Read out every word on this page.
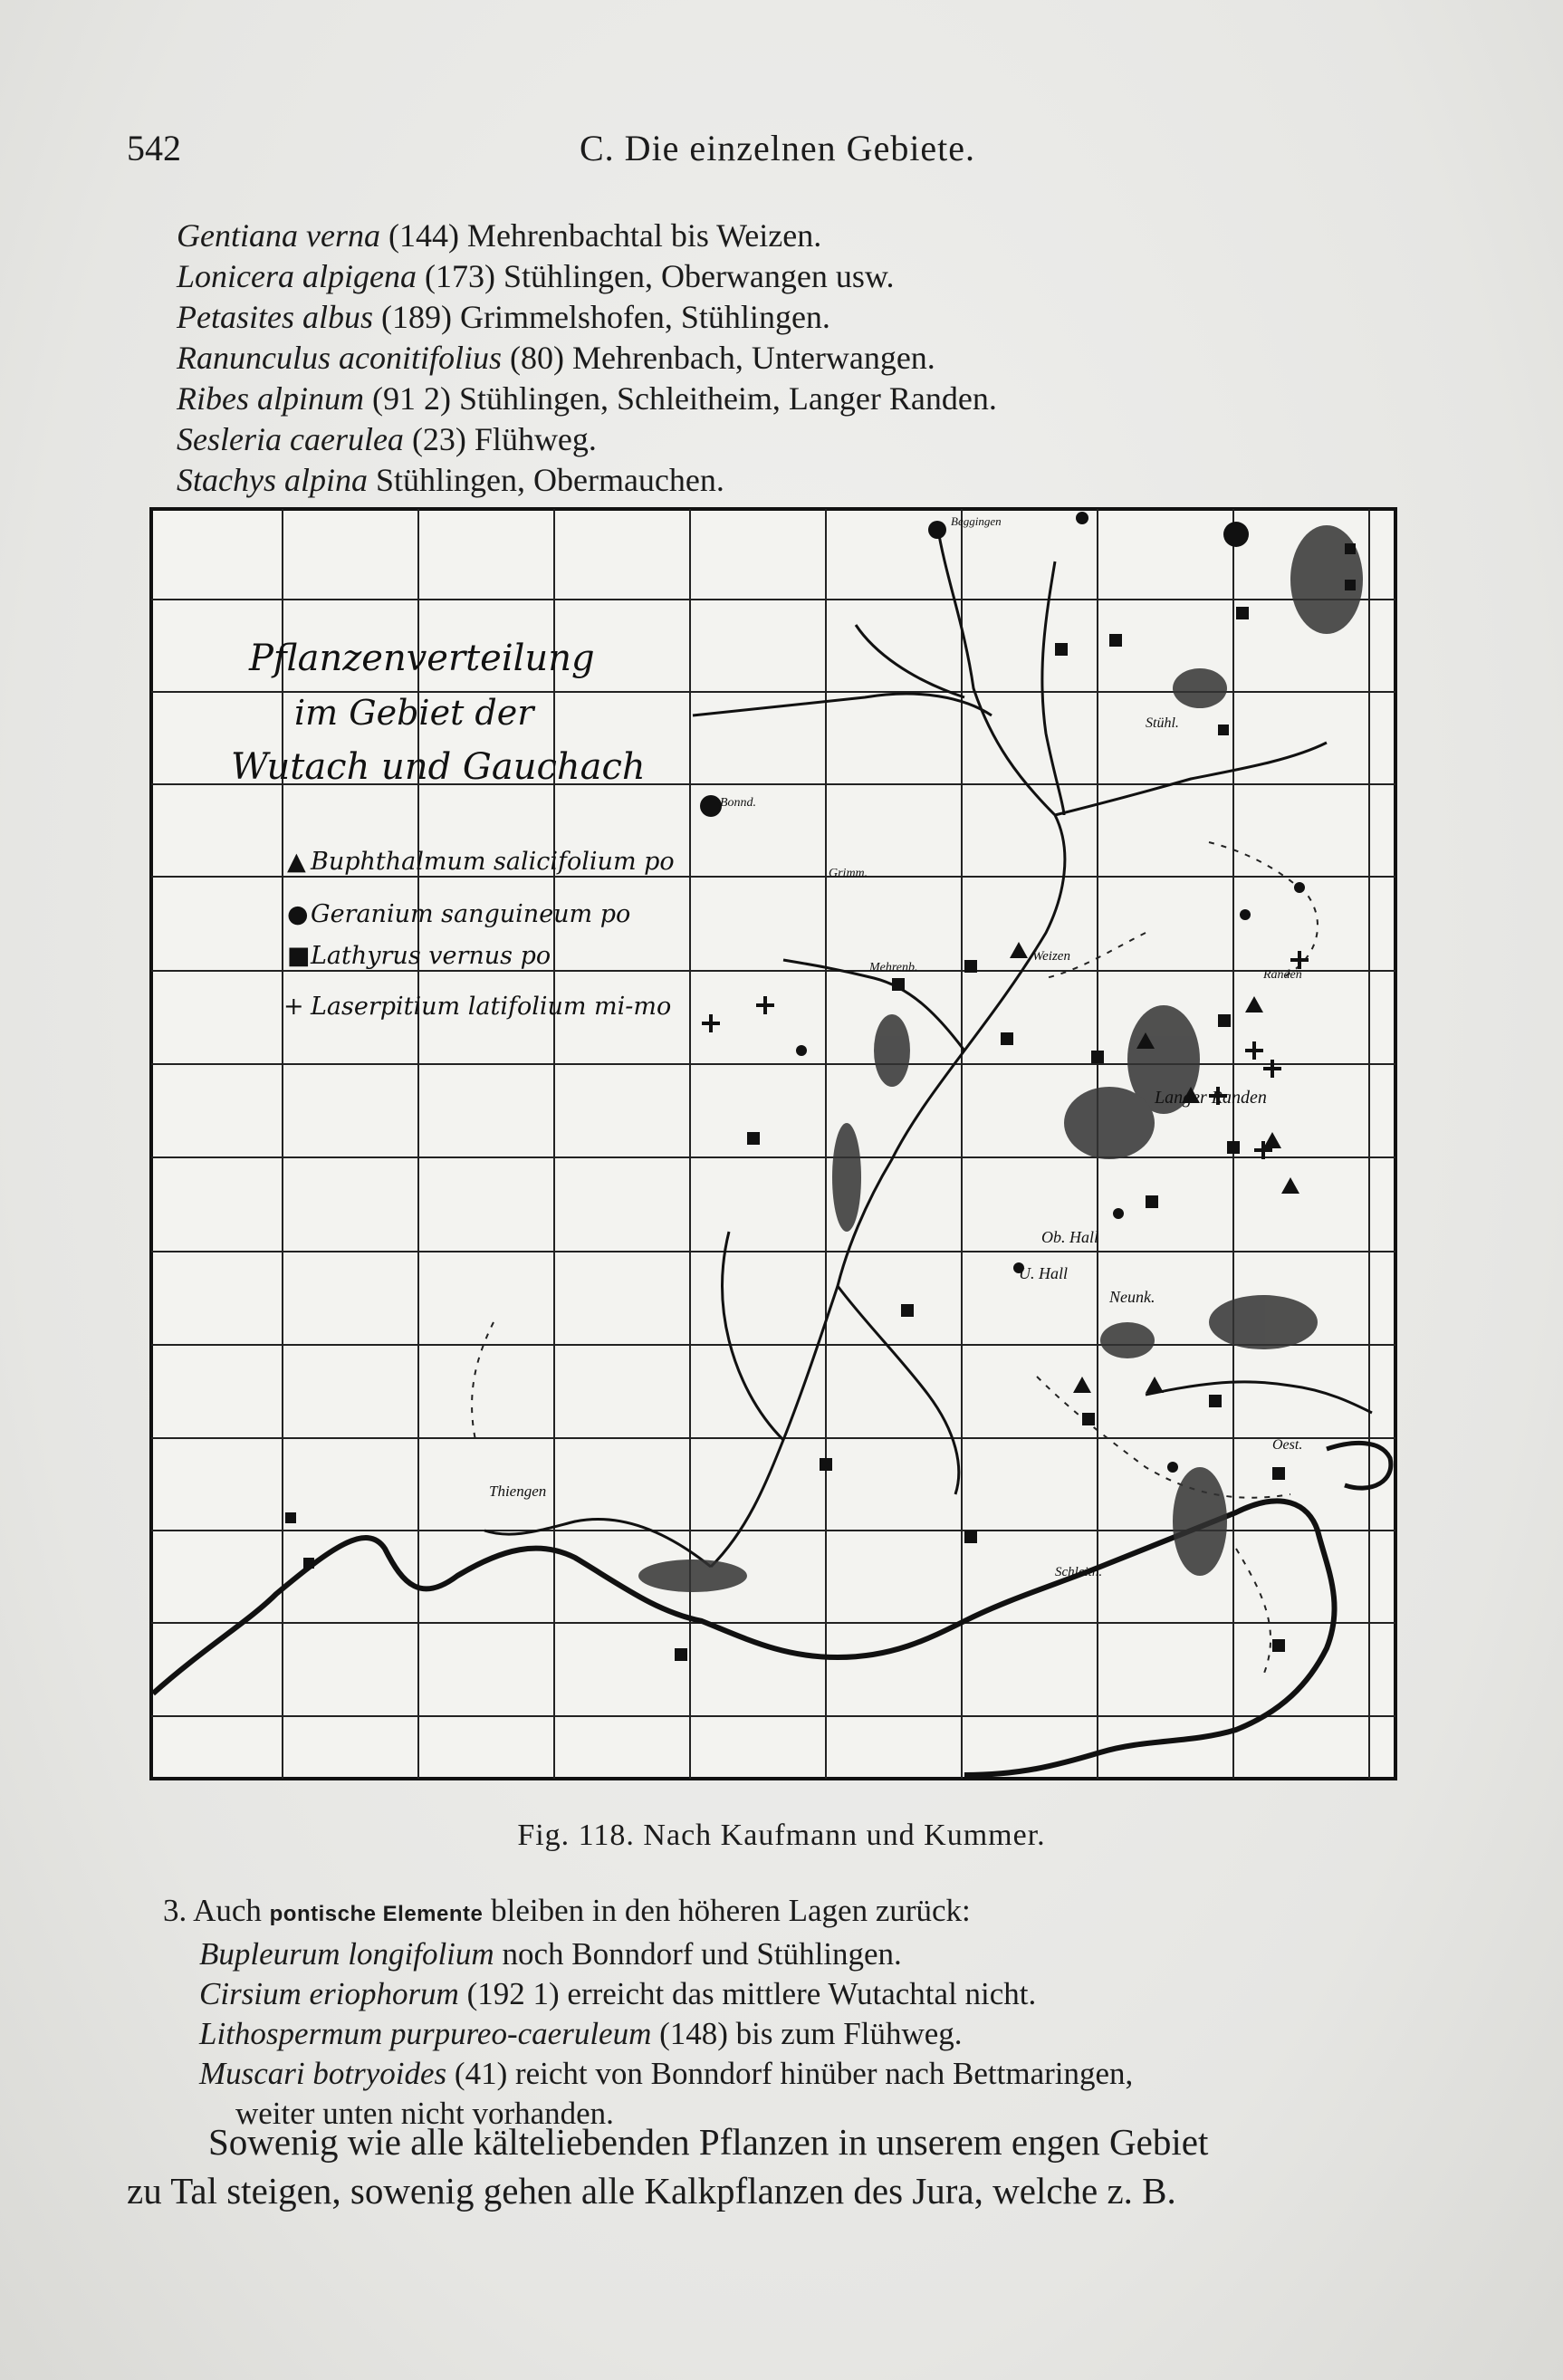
542	C. Die einzelnen Gebiete.
Gentiana verna (144) Mehrenbachtal bis Weizen.
Lonicera alpigena (173) Stühlingen, Oberwangen usw.
Petasites albus (189) Grimmelshofen, Stühlingen.
Ranunculus aconitifolius (80) Mehrenbach, Unterwangen.
Ribes alpinum (91 2) Stühlingen, Schleitheim, Langer Randen.
Sesleria caerulea (23) Flühweg.
Stachys alpina Stühlingen, Obermauchen.
Langer Randen
Ob. Hall
U. Hall
Neunk.
Thiengen
Stühl.
Weizen
Grimm.
Bonnd.
Mehrenb.
Schleith.
Oest.
Randen
Beggingen
Pflanzenverteilung
im Gebiet der
Wutach und Gauchach
▲ Buphthalmum salicifolium po
● Geranium sanguineum po
■ Lathyrus vernus po
+ Laserpitium latifolium mi-mo
Fig. 118. Nach Kaufmann und Kummer.
3. Auch pontische Elemente bleiben in den höheren Lagen zurück:
Bupleurum longifolium noch Bonndorf und Stühlingen.
Cirsium eriophorum (192 1) erreicht das mittlere Wutachtal nicht.
Lithospermum purpureo-caeruleum (148) bis zum Flühweg.
Muscari botryoides (41) reicht von Bonndorf hinüber nach Bettmaringen,
weiter unten nicht vorhanden.
Sowenig wie alle kälteliebenden Pflanzen in unserem engen Gebiet
zu Tal steigen, sowenig gehen alle Kalkpflanzen des Jura, welche z. B.
